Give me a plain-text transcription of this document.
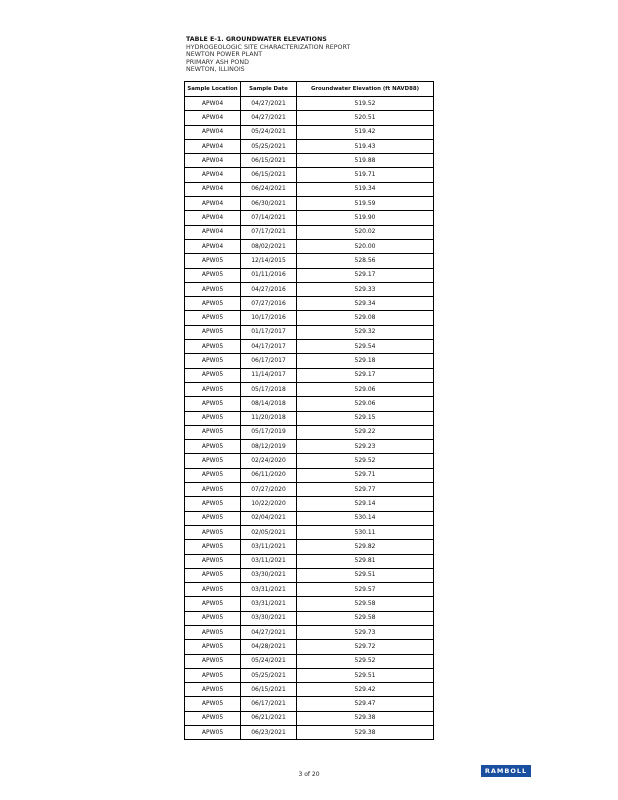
TABLE E-1. GROUNDWATER ELEVATIONS
HYDROGEOLOGIC SITE CHARACTERIZATION REPORT
NEWTON POWER PLANT
PRIMARY ASH POND
NEWTON, ILLINOIS
Sample Location	Sample Date	Groundwater Elevation (ft NAVD88)
APW04	04/27/2021	519.52
APW04	04/27/2021	520.51
APW04	05/24/2021	519.42
APW04	05/25/2021	519.43
APW04	06/15/2021	519.88
APW04	06/15/2021	519.71
APW04	06/24/2021	519.34
APW04	06/30/2021	519.59
APW04	07/14/2021	519.90
APW04	07/17/2021	520.02
APW04	08/02/2021	520.00
APW05	12/14/2015	528.56
APW05	01/11/2016	529.17
APW05	04/27/2016	529.33
APW05	07/27/2016	529.34
APW05	10/17/2016	529.08
APW05	01/17/2017	529.32
APW05	04/17/2017	529.54
APW05	06/17/2017	529.18
APW05	11/14/2017	529.17
APW05	05/17/2018	529.06
APW05	08/14/2018	529.06
APW05	11/20/2018	529.15
APW05	05/17/2019	529.22
APW05	08/12/2019	529.23
APW05	02/24/2020	529.52
APW05	06/11/2020	529.71
APW05	07/27/2020	529.77
APW05	10/22/2020	529.14
APW05	02/04/2021	530.14
APW05	02/05/2021	530.11
APW05	03/11/2021	529.82
APW05	03/11/2021	529.81
APW05	03/30/2021	529.51
APW05	03/31/2021	529.57
APW05	03/31/2021	529.58
APW05	03/30/2021	529.58
APW05	04/27/2021	529.73
APW05	04/28/2021	529.72
APW05	05/24/2021	529.52
APW05	05/25/2021	529.51
APW05	06/15/2021	529.42
APW05	06/17/2021	529.47
APW05	06/21/2021	529.38
APW05	06/23/2021	529.38
3 of 20	RAMBOLL
